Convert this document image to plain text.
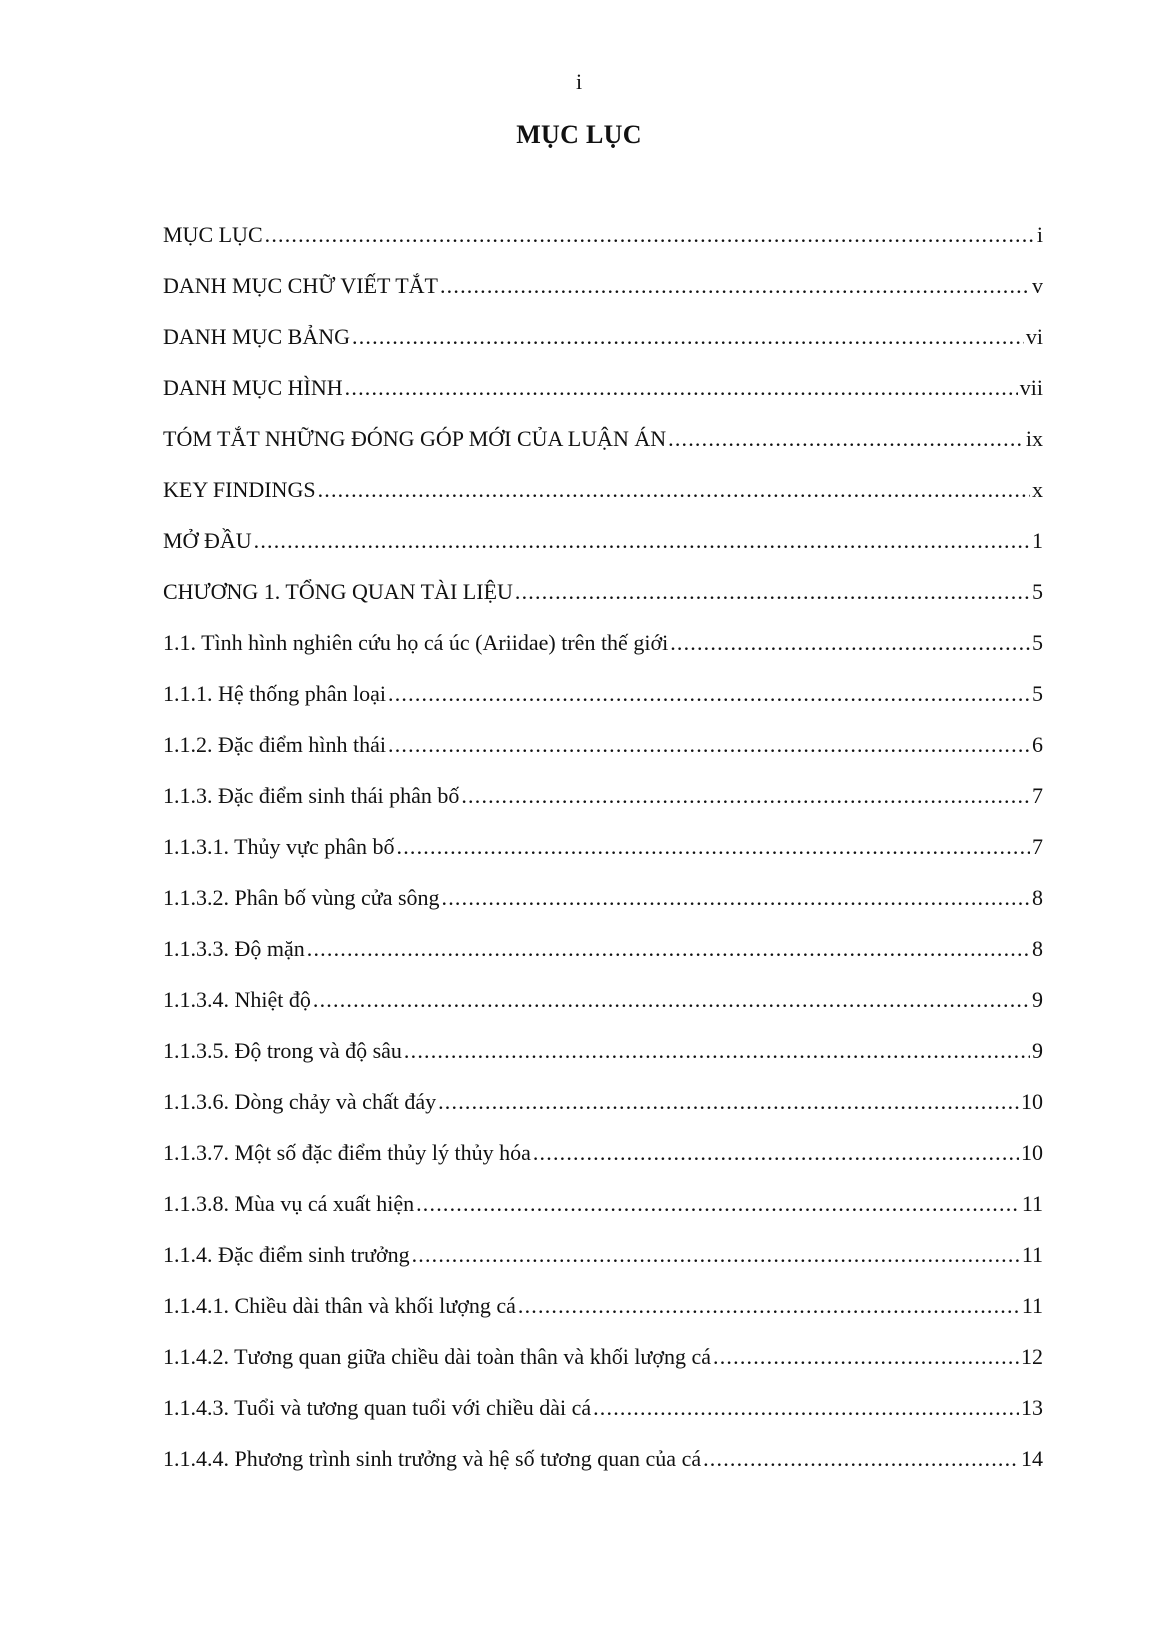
i
MỤC LỤC
MỤC LỤC .....	i
DANH MỤC CHỮ VIẾT TẮT .....	v
DANH MỤC BẢNG .....	vi
DANH MỤC HÌNH .....	vii
TÓM TẮT NHỮNG ĐÓNG GÓP MỚI CỦA LUẬN ÁN .....	ix
KEY FINDINGS .....	x
MỞ ĐẦU .....	1
CHƯƠNG 1. TỔNG QUAN TÀI LIỆU .....	5
1.1. Tình hình nghiên cứu họ cá úc (Ariidae) trên thế giới .....	5
1.1.1. Hệ thống phân loại .....	5
1.1.2. Đặc điểm hình thái .....	6
1.1.3. Đặc điểm sinh thái phân bố .....	7
1.1.3.1. Thủy vực phân bố .....	7
1.1.3.2. Phân bố vùng cửa sông .....	8
1.1.3.3. Độ mặn .....	8
1.1.3.4. Nhiệt độ .....	9
1.1.3.5. Độ trong và độ sâu .....	9
1.1.3.6. Dòng chảy và chất đáy .....	10
1.1.3.7. Một số đặc điểm thủy lý thủy hóa .....	10
1.1.3.8. Mùa vụ cá xuất hiện .....	11
1.1.4. Đặc điểm sinh trưởng .....	11
1.1.4.1. Chiều dài thân và khối lượng cá .....	11
1.1.4.2. Tương quan giữa chiều dài toàn thân và khối lượng cá .....	12
1.1.4.3. Tuổi và tương quan tuổi với chiều dài cá .....	13
1.1.4.4. Phương trình sinh trưởng và hệ số tương quan của cá .....	14
